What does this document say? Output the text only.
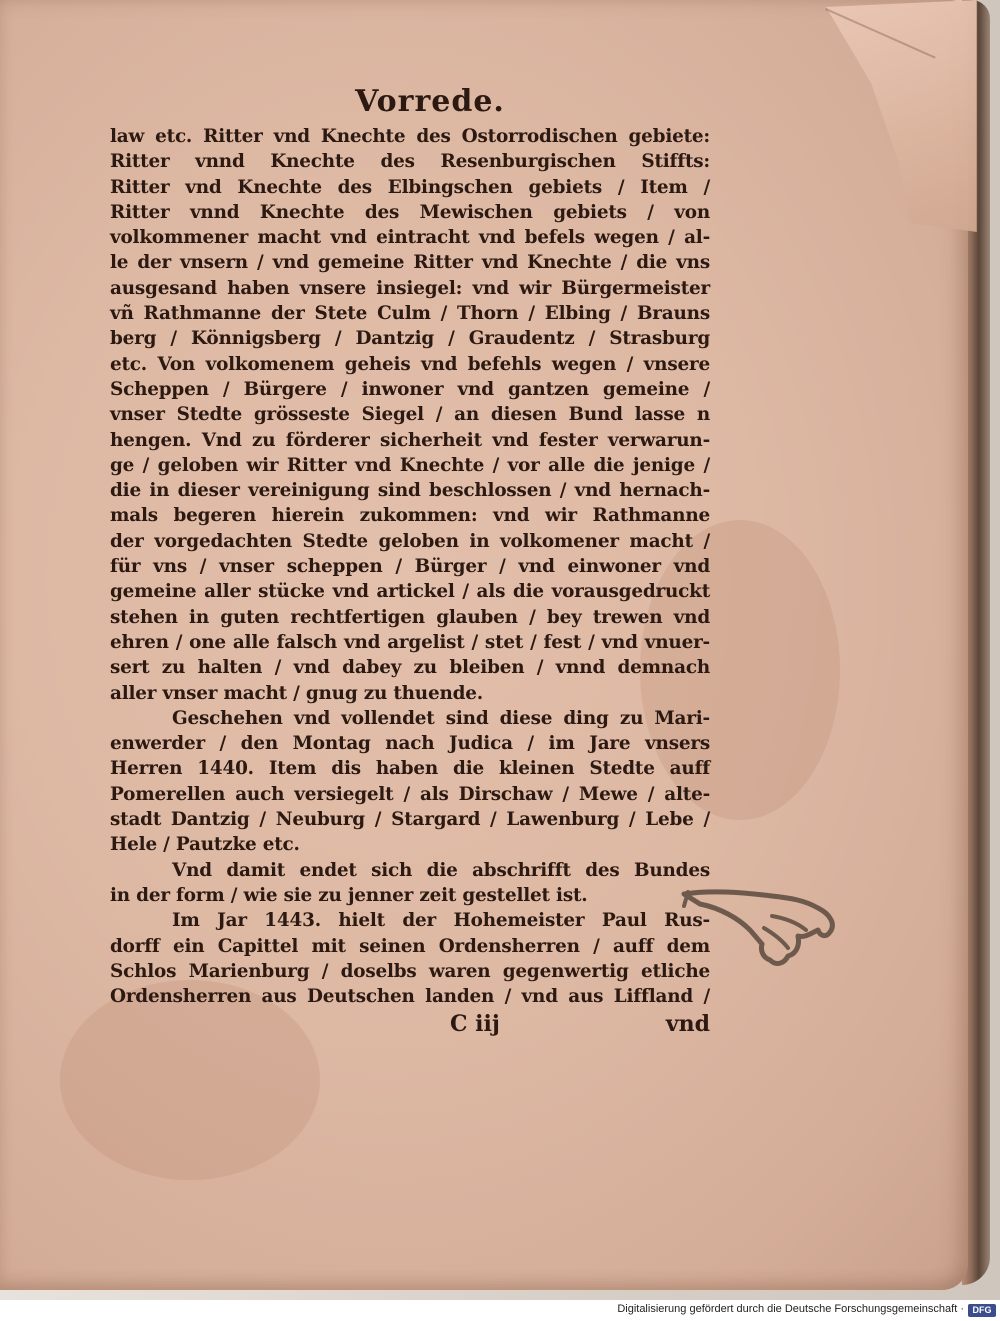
Vorrede.
law etc. Ritter vnd Knechte des Ostorrodischen gebiete:
Ritter vnnd Knechte des Resenburgischen Stiffts:
Ritter vnd Knechte des Elbingschen gebiets / Item /
Ritter vnnd Knechte des Mewischen gebiets / von
volkommener macht vnd eintracht vnd befels wegen / al-
le der vnsern / vnd gemeine Ritter vnd Knechte / die vns
ausgesand haben vnsere insiegel: vnd wir Bürgermeister
vñ Rathmanne der Stete Culm / Thorn / Elbing / Brauns
berg / Könnigsberg / Dantzig / Graudentz / Strasburg
etc. Von volkomenem geheis vnd befehls wegen / vnsere
Scheppen / Bürgere / inwoner vnd gantzen gemeine /
vnser Stedte grösseste Siegel / an diesen Bund lasse n
hengen. Vnd zu förderer sicherheit vnd fester verwarun-
ge / geloben wir Ritter vnd Knechte / vor alle die jenige /
die in dieser vereinigung sind beschlossen / vnd hernach-
mals begeren hierein zukommen: vnd wir Rathmanne
der vorgedachten Stedte geloben in volkomener macht /
für vns / vnser scheppen / Bürger / vnd einwoner vnd
gemeine aller stücke vnd artickel / als die vorausgedruckt
stehen in guten rechtfertigen glauben / bey trewen vnd
ehren / one alle falsch vnd argelist / stet / fest / vnd vnuer-
sert zu halten / vnd dabey zu bleiben / vnnd demnach
aller vnser macht / gnug zu thuende.
Geschehen vnd vollendet sind diese ding zu Mari-
enwerder / den Montag nach Judica / im Jare vnsers
Herren 1440. Item dis haben die kleinen Stedte auff
Pomerellen auch versiegelt / als Dirschaw / Mewe / alte-
stadt Dantzig / Neuburg / Stargard / Lawenburg / Lebe /
Hele / Pautzke etc.
Vnd damit endet sich die abschrifft des Bundes
in der form / wie sie zu jenner zeit gestellet ist.
Im Jar 1443. hielt der Hohemeister Paul Rus-
dorff ein Capittel mit seinen Ordensherren / auff dem
Schlos Marienburg / doselbs waren gegenwertig etliche
Ordensherren aus Deutschen landen / vnd aus Liffland /
C iij	vnd
Digitalisierung gefördert durch die Deutsche Forschungsgemeinschaft · DFG
